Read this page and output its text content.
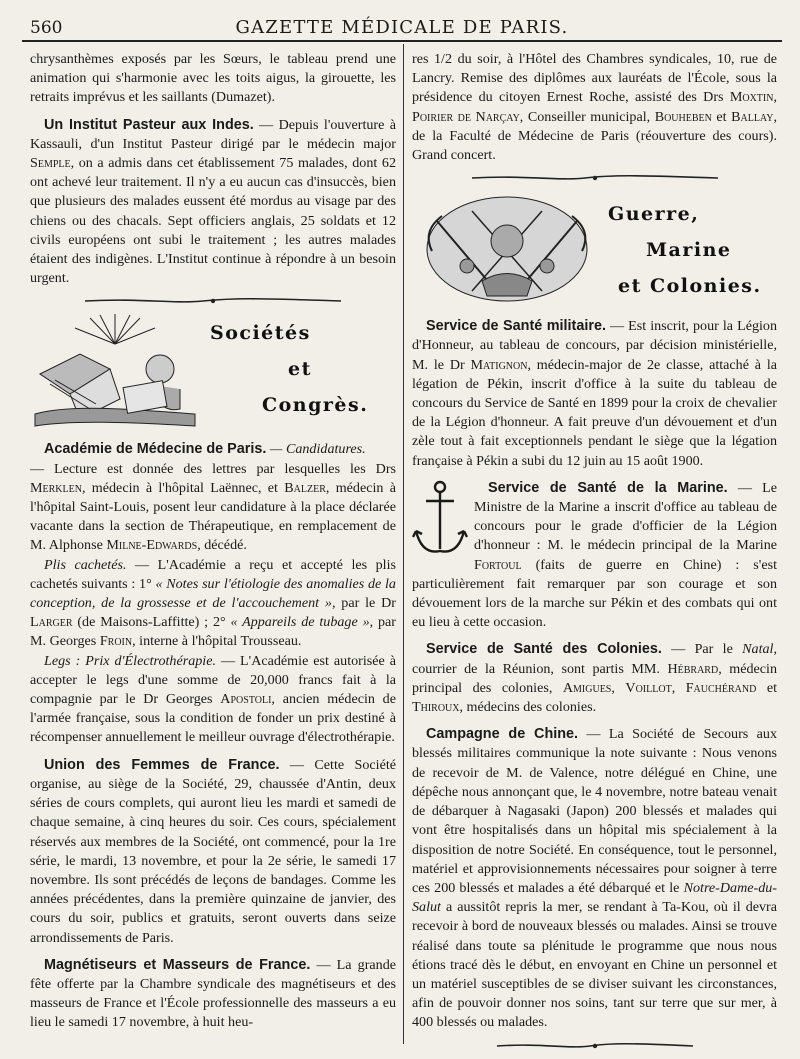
560	GAZETTE MÉDICALE DE PARIS.

chrysanthèmes exposés par les Sœurs, le tableau prend une animation qui s'harmonie avec les toits aigus, la girouette, les retraits imprévus et les saillants (Dumazet).

Un Institut Pasteur aux Indes. — Depuis l'ouverture à Kassauli, d'un Institut Pasteur dirigé par le médecin major Semple, on a admis dans cet établissement 75 malades, dont 62 ont achevé leur traitement. Il n'y a eu aucun cas d'insuccès, bien que plusieurs des malades eussent été mordus au visage par des chiens ou des chacals. Sept officiers anglais, 25 soldats et 12 civils européens ont subi le traitement ; les autres malades étaient des indigènes. L'Institut continue à répondre à un besoin urgent.

Sociétés
et
Congrès.

Académie de Médecine de Paris. — Candidatures.
— Lecture est donnée des lettres par lesquelles les Drs Merklen, médecin à l'hôpital Laënnec, et Balzer, médecin à l'hôpital Saint-Louis, posent leur candidature à la place déclarée vacante dans la section de Thérapeutique, en remplacement de M. Alphonse Milne-Edwards, décédé.

Plis cachetés. — L'Académie a reçu et accepté les plis cachetés suivants : 1° « Notes sur l'étiologie des anomalies de la conception, de la grossesse et de l'accouchement », par le Dr Larger (de Maisons-Laffitte) ; 2° « Appareils de tubage », par M. Georges Froin, interne à l'hôpital Trousseau.

Legs : Prix d'Électrothérapie. — L'Académie est autorisée à accepter le legs d'une somme de 20,000 francs fait à la compagnie par le Dr Georges Apostoli, ancien médecin de l'armée française, sous la condition de fonder un prix destiné à récompenser annuellement le meilleur ouvrage d'électrothérapie.

Union des Femmes de France. — Cette Société organise, au siège de la Société, 29, chaussée d'Antin, deux séries de cours complets, qui auront lieu les mardi et samedi de chaque semaine, à cinq heures du soir. Ces cours, spécialement réservés aux membres de la Société, ont commencé, pour la 1re série, le mardi, 13 novembre, et pour la 2e série, le samedi 17 novembre. Ils sont précédés de leçons de bandages. Comme les années précédentes, dans la première quinzaine de janvier, des cours du soir, publics et gratuits, seront ouverts dans seize arrondissements de Paris.

Magnétiseurs et Masseurs de France. — La grande fête offerte par la Chambre syndicale des magnétiseurs et des masseurs de France et l'École professionnelle des masseurs a eu lieu le samedi 17 novembre, à huit heu-

res 1/2 du soir, à l'Hôtel des Chambres syndicales, 10, rue de Lancry. Remise des diplômes aux lauréats de l'École, sous la présidence du citoyen Ernest Roche, assisté des Drs Moxtin, Poirier de Narçay, Conseiller municipal, Bouheben et Ballay, de la Faculté de Médecine de Paris (réouverture des cours). Grand concert.

Guerre,
Marine
et Colonies.

Service de Santé militaire. — Est inscrit, pour la Légion d'Honneur, au tableau de concours, par décision ministérielle, M. le Dr Matignon, médecin-major de 2e classe, attaché à la légation de Pékin, inscrit d'office à la suite du tableau de concours du Service de Santé en 1899 pour la croix de chevalier de la Légion d'honneur. A fait preuve d'un dévouement et d'un zèle tout à fait exceptionnels pendant le siège que la légation française à Pékin a subi du 12 juin au 15 août 1900.

Service de Santé de la Marine. — Le Ministre de la Marine a inscrit d'office au tableau de concours pour le grade d'officier de la Légion d'honneur : M. le médecin principal de la Marine Fortoul (faits de guerre en Chine) : s'est particulièrement fait remarquer par son courage et son dévouement lors de la marche sur Pékin et des combats qui ont eu lieu à cette occasion.

Service de Santé des Colonies. — Par le Natal, courrier de la Réunion, sont partis MM. Hébrard, médecin principal des colonies, Amigues, Voillot, Fauchérand et Thiroux, médecins des colonies.

Campagne de Chine. — La Société de Secours aux blessés militaires communique la note suivante : Nous venons de recevoir de M. de Valence, notre délégué en Chine, une dépêche nous annonçant que, le 4 novembre, notre bateau venait de débarquer à Nagasaki (Japon) 200 blessés et malades qui vont être hospitalisés dans un hôpital mis spécialement à la disposition de notre Société. En conséquence, tout le personnel, matériel et approvisionnements nécessaires pour soigner à terre ces 200 blessés et malades a été débarqué et le Notre-Dame-du-Salut a aussitôt repris la mer, se rendant à Ta-Kou, où il devra recevoir à bord de nouveaux blessés ou malades. Ainsi se trouve réalisé dans toute sa plénitude le programme que nous nous étions tracé dès le début, en envoyant en Chine un personnel et un matériel susceptibles de se diviser suivant les circonstances, afin de pouvoir donner nos soins, tant sur terre que sur mer, à 400 blessés ou malades.
